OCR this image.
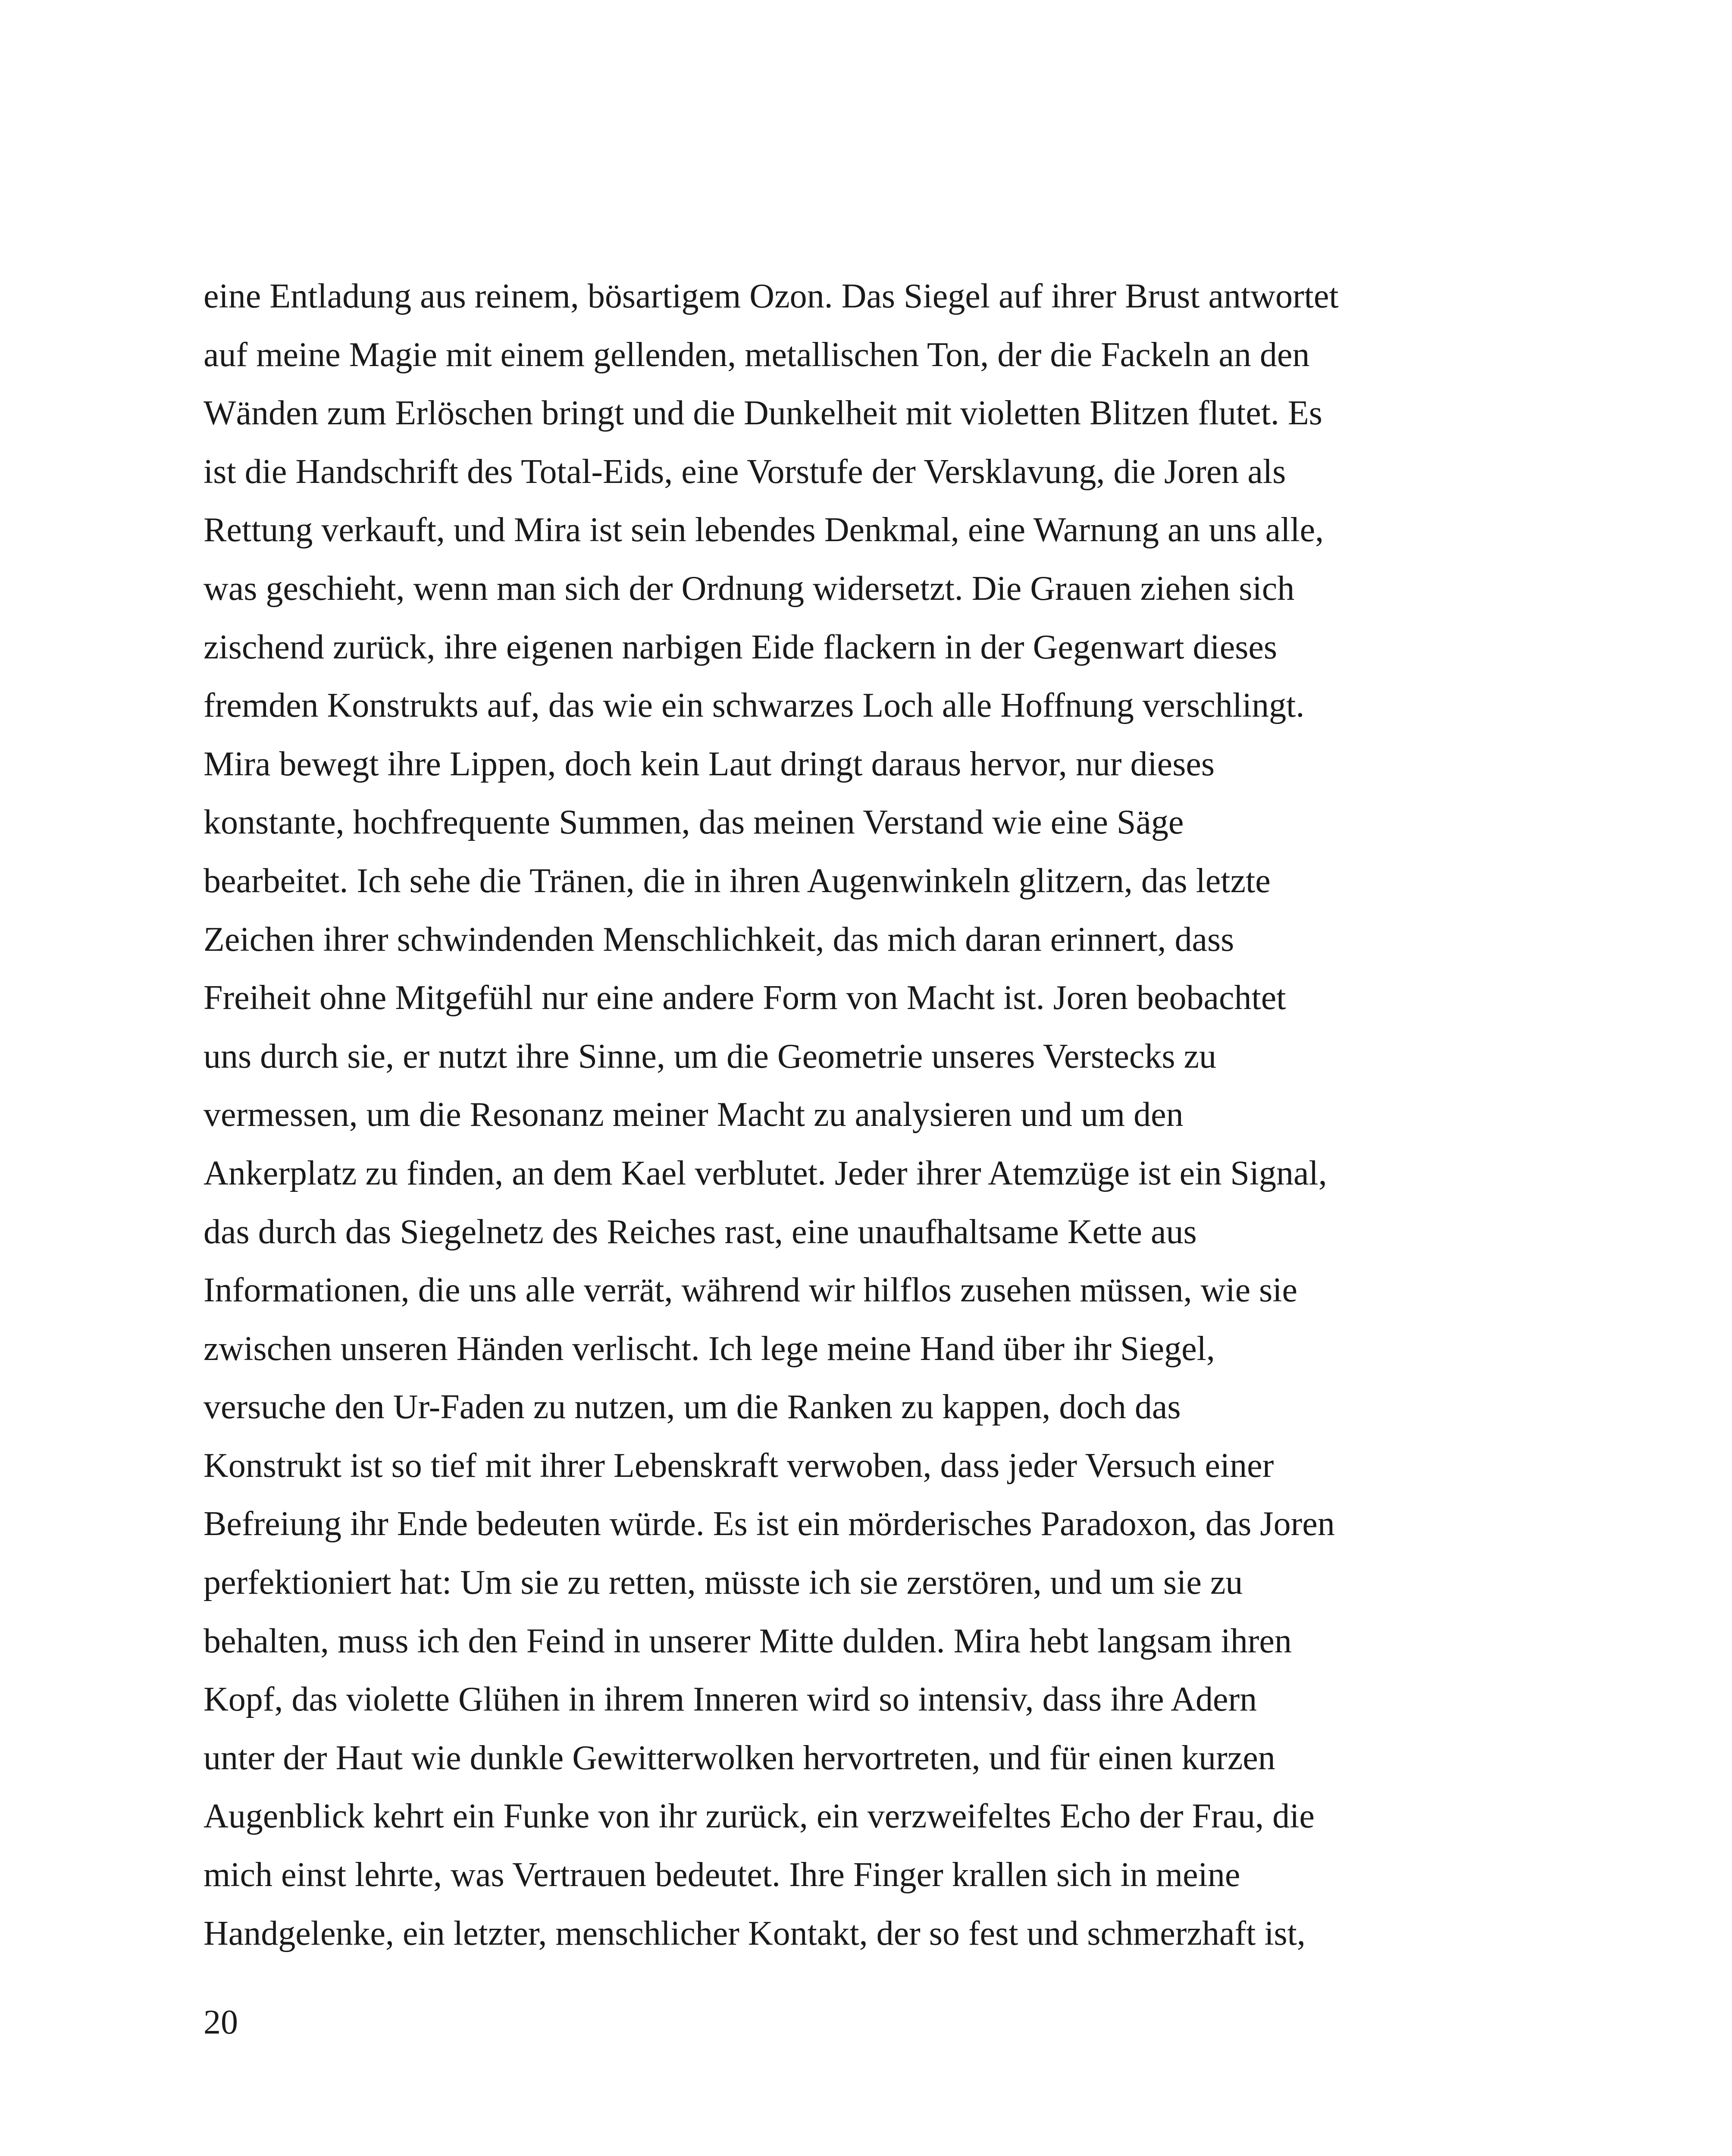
eine Entladung aus reinem, bösartigem Ozon. Das Siegel auf ihrer Brust antwortet
auf meine Magie mit einem gellenden, metallischen Ton, der die Fackeln an den
Wänden zum Erlöschen bringt und die Dunkelheit mit violetten Blitzen flutet. Es
ist die Handschrift des Total-Eids, eine Vorstufe der Versklavung, die Joren als
Rettung verkauft, und Mira ist sein lebendes Denkmal, eine Warnung an uns alle,
was geschieht, wenn man sich der Ordnung widersetzt. Die Grauen ziehen sich
zischend zurück, ihre eigenen narbigen Eide flackern in der Gegenwart dieses
fremden Konstrukts auf, das wie ein schwarzes Loch alle Hoffnung verschlingt.
Mira bewegt ihre Lippen, doch kein Laut dringt daraus hervor, nur dieses
konstante, hochfrequente Summen, das meinen Verstand wie eine Säge
bearbeitet. Ich sehe die Tränen, die in ihren Augenwinkeln glitzern, das letzte
Zeichen ihrer schwindenden Menschlichkeit, das mich daran erinnert, dass
Freiheit ohne Mitgefühl nur eine andere Form von Macht ist. Joren beobachtet
uns durch sie, er nutzt ihre Sinne, um die Geometrie unseres Verstecks zu
vermessen, um die Resonanz meiner Macht zu analysieren und um den
Ankerplatz zu finden, an dem Kael verblutet. Jeder ihrer Atemzüge ist ein Signal,
das durch das Siegelnetz des Reiches rast, eine unaufhaltsame Kette aus
Informationen, die uns alle verrät, während wir hilflos zusehen müssen, wie sie
zwischen unseren Händen verlischt. Ich lege meine Hand über ihr Siegel,
versuche den Ur-Faden zu nutzen, um die Ranken zu kappen, doch das
Konstrukt ist so tief mit ihrer Lebenskraft verwoben, dass jeder Versuch einer
Befreiung ihr Ende bedeuten würde. Es ist ein mörderisches Paradoxon, das Joren
perfektioniert hat: Um sie zu retten, müsste ich sie zerstören, und um sie zu
behalten, muss ich den Feind in unserer Mitte dulden. Mira hebt langsam ihren
Kopf, das violette Glühen in ihrem Inneren wird so intensiv, dass ihre Adern
unter der Haut wie dunkle Gewitterwolken hervortreten, und für einen kurzen
Augenblick kehrt ein Funke von ihr zurück, ein verzweifeltes Echo der Frau, die
mich einst lehrte, was Vertrauen bedeutet. Ihre Finger krallen sich in meine
Handgelenke, ein letzter, menschlicher Kontakt, der so fest und schmerzhaft ist,
20
